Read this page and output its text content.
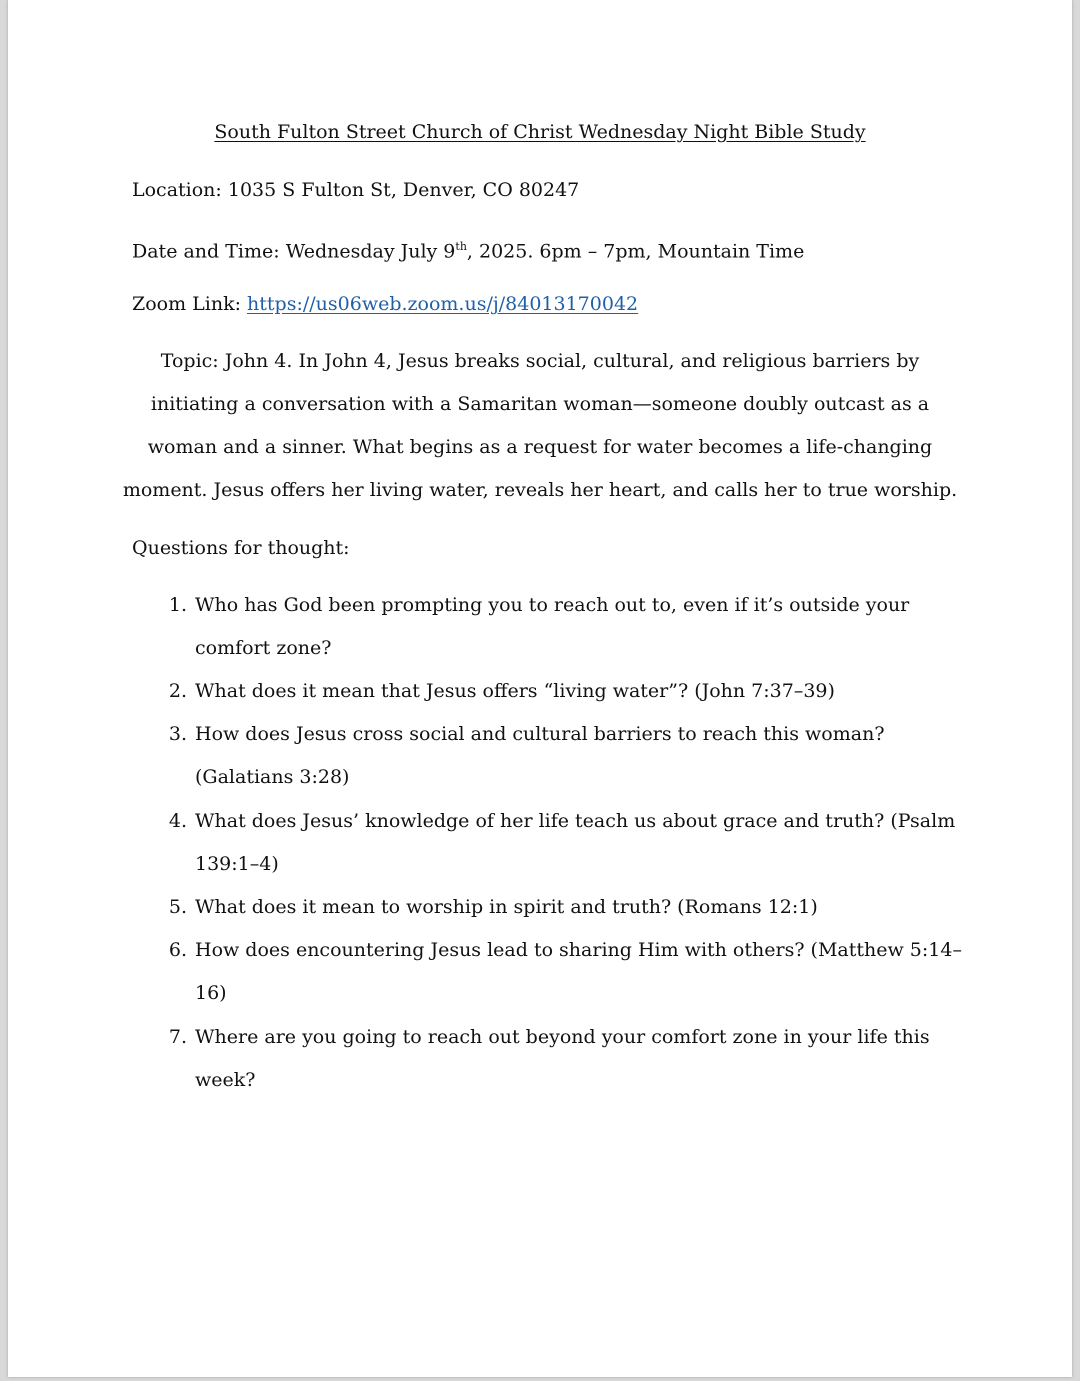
South Fulton Street Church of Christ Wednesday Night Bible Study
Location: 1035 S Fulton St, Denver, CO 80247
Date and Time: Wednesday July 9th, 2025. 6pm – 7pm, Mountain Time
Zoom Link: https://us06web.zoom.us/j/84013170042
Topic: John 4. In John 4, Jesus breaks social, cultural, and religious barriers by
initiating a conversation with a Samaritan woman—someone doubly outcast as a
woman and a sinner. What begins as a request for water becomes a life-changing
moment. Jesus offers her living water, reveals her heart, and calls her to true worship.
Questions for thought:
1. Who has God been prompting you to reach out to, even if it’s outside your
comfort zone?
2. What does it mean that Jesus offers “living water”? (John 7:37–39)
3. How does Jesus cross social and cultural barriers to reach this woman?
(Galatians 3:28)
4. What does Jesus’ knowledge of her life teach us about grace and truth? (Psalm
139:1–4)
5. What does it mean to worship in spirit and truth? (Romans 12:1)
6. How does encountering Jesus lead to sharing Him with others? (Matthew 5:14–
16)
7. Where are you going to reach out beyond your comfort zone in your life this
week?
